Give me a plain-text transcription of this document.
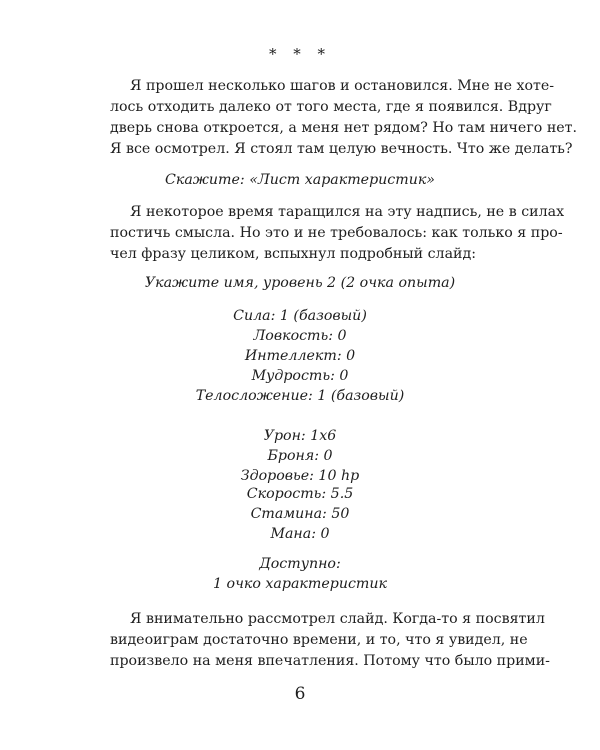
* * *

Я прошел несколько шагов и остановился. Мне не хоте-
лось отходить далеко от того места, где я появился. Вдруг
дверь снова откроется, а меня нет рядом? Но там ничего нет.
Я все осмотрел. Я стоял там целую вечность. Что же делать?

Скажите: «Лист характеристик»

Я некоторое время таращился на эту надпись, не в силах
постичь смысла. Но это и не требовалось: как только я про-
чел фразу целиком, вспыхнул подробный слайд:

Укажите имя, уровень 2 (2 очка опыта)

Сила: 1 (базовый)
Ловкость: 0
Интеллект: 0
Мудрость: 0
Телосложение: 1 (базовый)
Урон: 1x6
Броня: 0
Здоровье: 10 hp
Скорость: 5.5
Стамина: 50
Мана: 0
Доступно:
1 очко характеристик

Я внимательно рассмотрел слайд. Когда-то я посвятил
видеоиграм достаточно времени, и то, что я увидел, не
произвело на меня впечатления. Потому что было прими-

6
